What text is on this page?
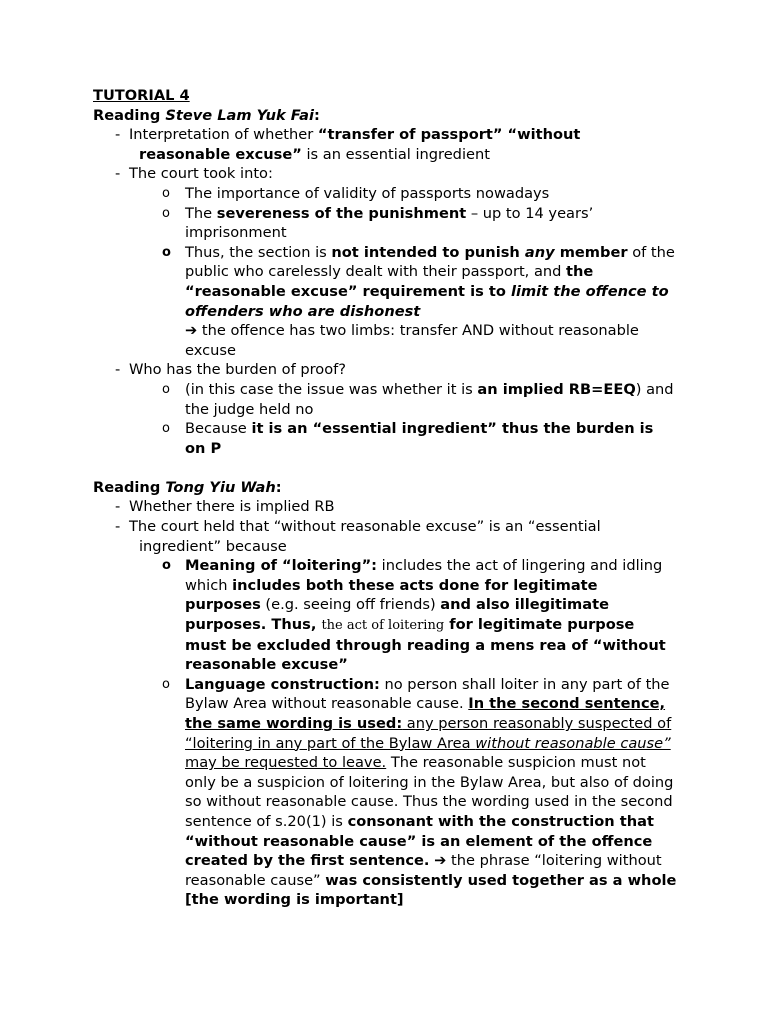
TUTORIAL 4
Reading Steve Lam Yuk Fai:
- Interpretation of whether “transfer of passport” “without
reasonable excuse” is an essential ingredient
- The court took into:
o The importance of validity of passports nowadays
o The severeness of the punishment – up to 14 years’ imprisonment
o Thus, the section is not intended to punish any member of the public who carelessly dealt with their passport, and the “reasonable excuse” requirement is to limit the offence to offenders who are dishonest
➔ the offence has two limbs: transfer AND without reasonable excuse
- Who has the burden of proof?
o (in this case the issue was whether it is an implied RB=EEQ) and the judge held no
o Because it is an “essential ingredient” thus the burden is on P
Reading Tong Yiu Wah:
- Whether there is implied RB
- The court held that “without reasonable excuse” is an “essential
ingredient” because
o Meaning of “loitering”: includes the act of lingering and idling which includes both these acts done for legitimate purposes (e.g. seeing off friends) and also illegitimate purposes. Thus, the act of loitering for legitimate purpose must be excluded through reading a mens rea of “without reasonable excuse”
o Language construction: no person shall loiter in any part of the Bylaw Area without reasonable cause. In the second sentence, the same wording is used: any person reasonably suspected of “loitering in any part of the Bylaw Area without reasonable cause” may be requested to leave. The reasonable suspicion must not only be a suspicion of loitering in the Bylaw Area, but also of doing so without reasonable cause. Thus the wording used in the second sentence of s.20(1) is consonant with the construction that “without reasonable cause” is an element of the offence created by the first sentence. ➔ the phrase “loitering without reasonable cause” was consistently used together as a whole [the wording is important]
